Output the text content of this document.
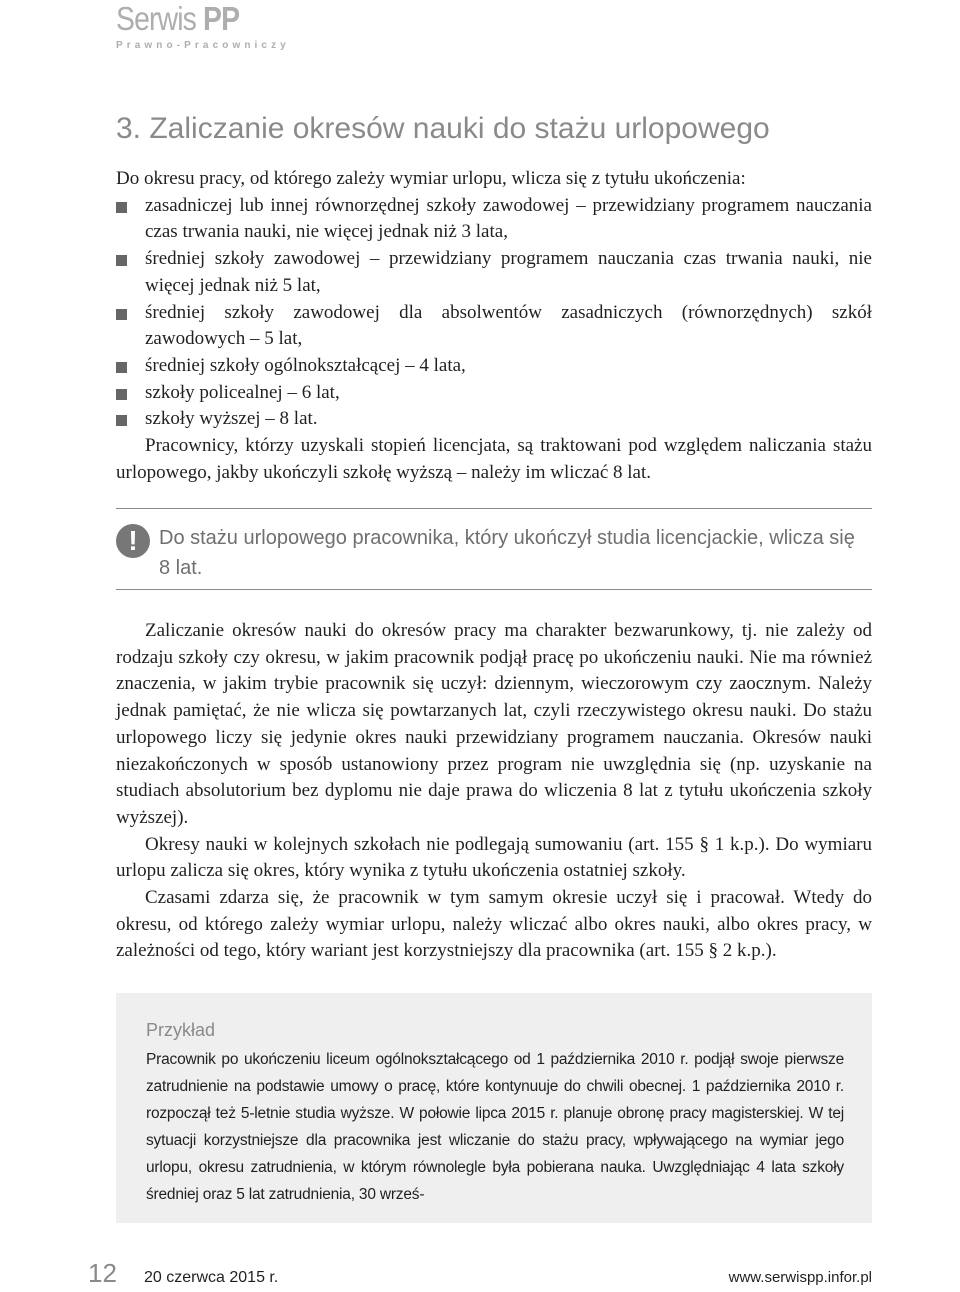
Serwis PP
Prawno-Pracowniczy
3. Zaliczanie okresów nauki do stażu urlopowego

Do okresu pracy, od którego zależy wymiar urlopu, wlicza się z tytułu ukończenia:

zasadniczej lub innej równorzędnej szkoły zawodowej – przewidziany programem nauczania czas trwania nauki, nie więcej jednak niż 3 lata,
średniej szkoły zawodowej – przewidziany programem nauczania czas trwania nauki, nie więcej jednak niż 5 lat,
średniej szkoły zawodowej dla absolwentów zasadniczych (równorzędnych) szkół zawodowych – 5 lat,
średniej szkoły ogólnokształcącej – 4 lata,
szkoły policealnej – 6 lat,
szkoły wyższej – 8 lat.

Pracownicy, którzy uzyskali stopień licencjata, są traktowani pod względem naliczania stażu urlopowego, jakby ukończyli szkołę wyższą – należy im wliczać 8 lat.

!	Do stażu urlopowego pracownika, który ukończył studia licencjackie, wlicza się 8 lat.

Zaliczanie okresów nauki do okresów pracy ma charakter bezwarunkowy, tj. nie zależy od rodzaju szkoły czy okresu, w jakim pracownik podjął pracę po ukończeniu nauki. Nie ma również znaczenia, w jakim trybie pracownik się uczył: dziennym, wieczorowym czy zaocznym. Należy jednak pamiętać, że nie wlicza się powtarzanych lat, czyli rzeczywistego okresu nauki. Do stażu urlopowego liczy się jedynie okres nauki przewidziany programem nauczania. Okresów nauki niezakończonych w sposób ustanowiony przez program nie uwzględnia się (np. uzyskanie na studiach absolutorium bez dyplomu nie daje prawa do wliczenia 8 lat z tytułu ukończenia szkoły wyższej).

Okresy nauki w kolejnych szkołach nie podlegają sumowaniu (art. 155 § 1 k.p.). Do wymiaru urlopu zalicza się okres, który wynika z tytułu ukończenia ostatniej szkoły.

Czasami zdarza się, że pracownik w tym samym okresie uczył się i pracował. Wtedy do okresu, od którego zależy wymiar urlopu, należy wliczać albo okres nauki, albo okres pracy, w zależności od tego, który wariant jest korzystniejszy dla pracownika (art. 155 § 2 k.p.).

Przykład

Pracownik po ukończeniu liceum ogólnokształcącego od 1 października 2010 r. podjął swoje pierwsze zatrudnienie na podstawie umowy o pracę, które kontynuuje do chwili obecnej. 1 października 2010 r. rozpoczął też 5-letnie studia wyższe. W połowie lipca 2015 r. planuje obronę pracy magisterskiej. W tej sytuacji korzystniejsze dla pracownika jest wliczanie do stażu pracy, wpływającego na wymiar jego urlopu, okresu zatrudnienia, w którym równolegle była pobierana nauka. Uwzględniając 4 lata szkoły średniej oraz 5 lat zatrudnienia, 30 wrześ-

12 20 czerwca 2015 r.	www.serwispp.infor.pl
